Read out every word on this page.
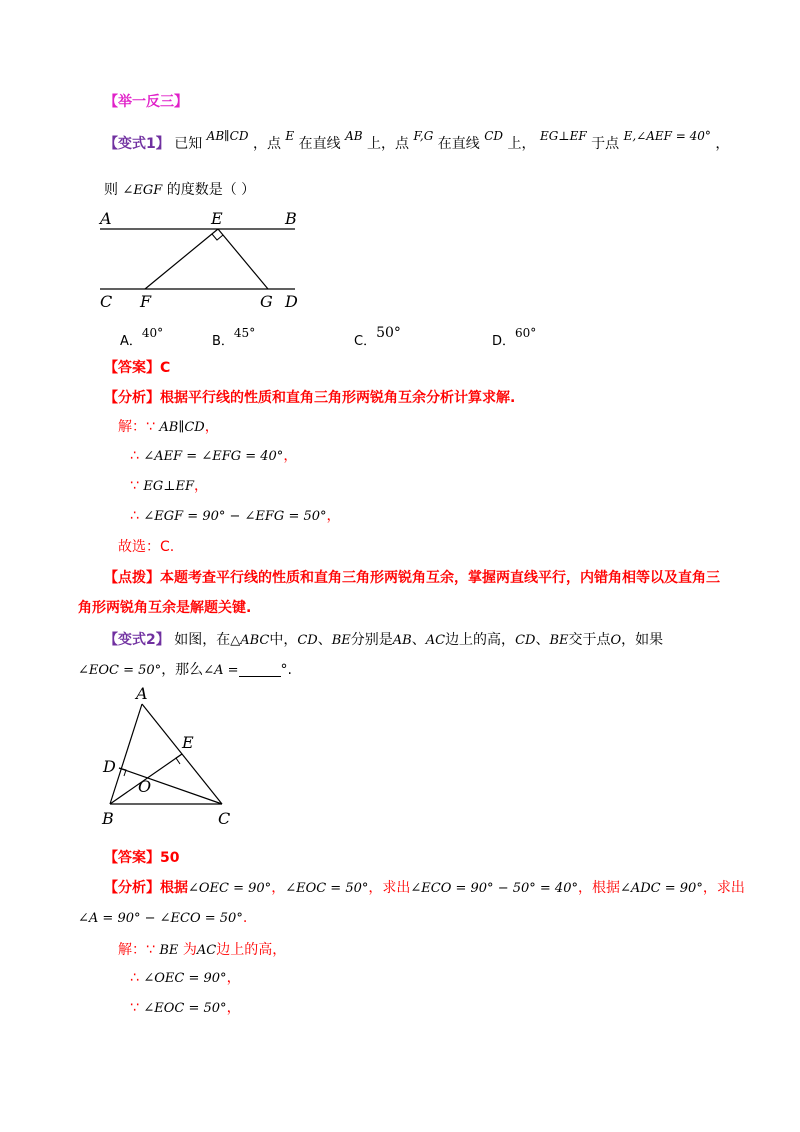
【举一反三】
【变式1】 已知 AB∥CD ，点 E 在直线 AB 上，点 F,G 在直线 CD 上， EG⊥EF 于点 E,∠AEF = 40° ，
则 ∠EGF 的度数是（ ）
A	E	B
C F	G D
A．40°
B．45°
C．50°
D．60°
【答案】C
【分析】根据平行线的性质和直角三角形两锐角互余分析计算求解.
解：∵ AB∥CD，
∴ ∠AEF = ∠EFG = 40°，
∵ EG⊥EF，
∴ ∠EGF = 90° − ∠EFG = 50°，
故选：C.
【点拨】本题考查平行线的性质和直角三角形两锐角互余，掌握两直线平行，内错角相等以及直角三
角形两锐角互余是解题关键.
【变式2】 如图，在△ABC中，CD、BE分别是AB、AC边上的高，CD、BE交于点O，如果
∠EOC = 50°，那么∠A =	°.
A
E
D
O
B	C
【答案】50
【分析】根据∠OEC = 90°，∠EOC = 50°，求出∠ECO = 90° − 50° = 40°，根据∠ADC = 90°，求出
∠A = 90° − ∠ECO = 50°.
解：∵ BE 为AC边上的高，
∴ ∠OEC = 90°，
∵ ∠EOC = 50°，
